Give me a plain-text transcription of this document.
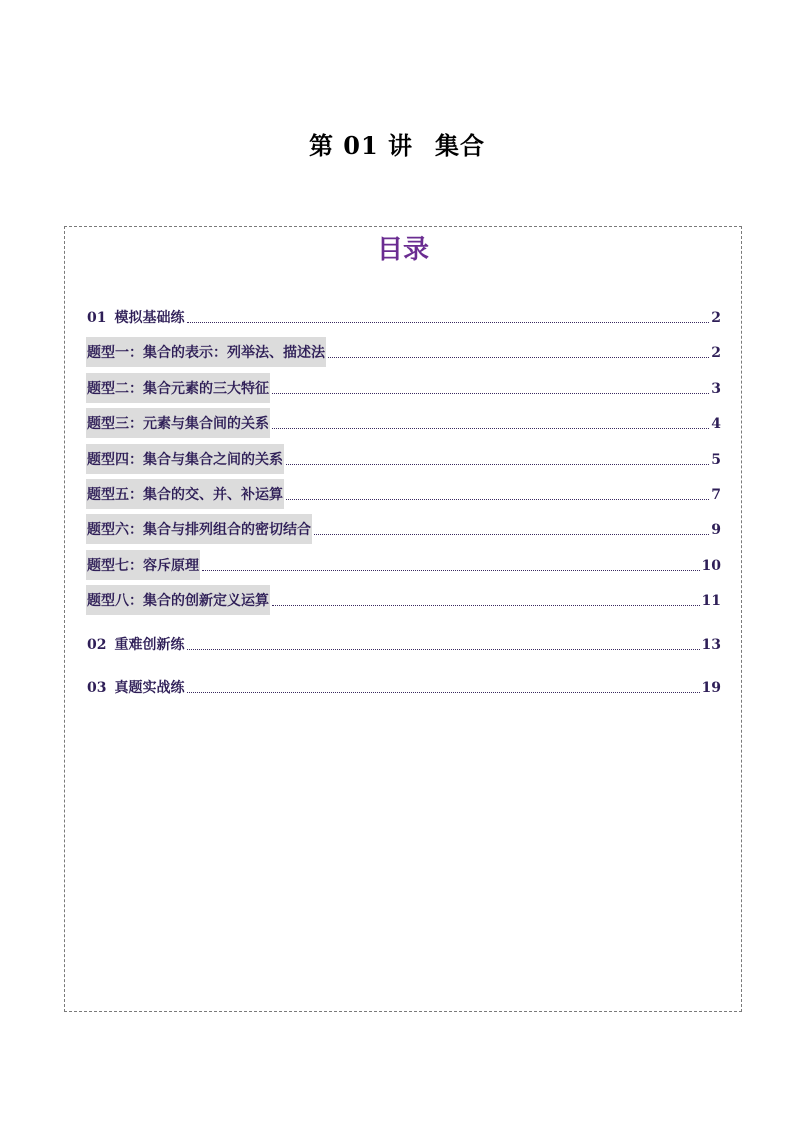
第 01 讲 集合
目录
01 模拟基础练	2
题型一：集合的表示：列举法、描述法	2
题型二：集合元素的三大特征	3
题型三：元素与集合间的关系	4
题型四：集合与集合之间的关系	5
题型五：集合的交、并、补运算	7
题型六：集合与排列组合的密切结合	9
题型七：容斥原理	10
题型八：集合的创新定义运算	11
02 重难创新练	13
03 真题实战练	19
